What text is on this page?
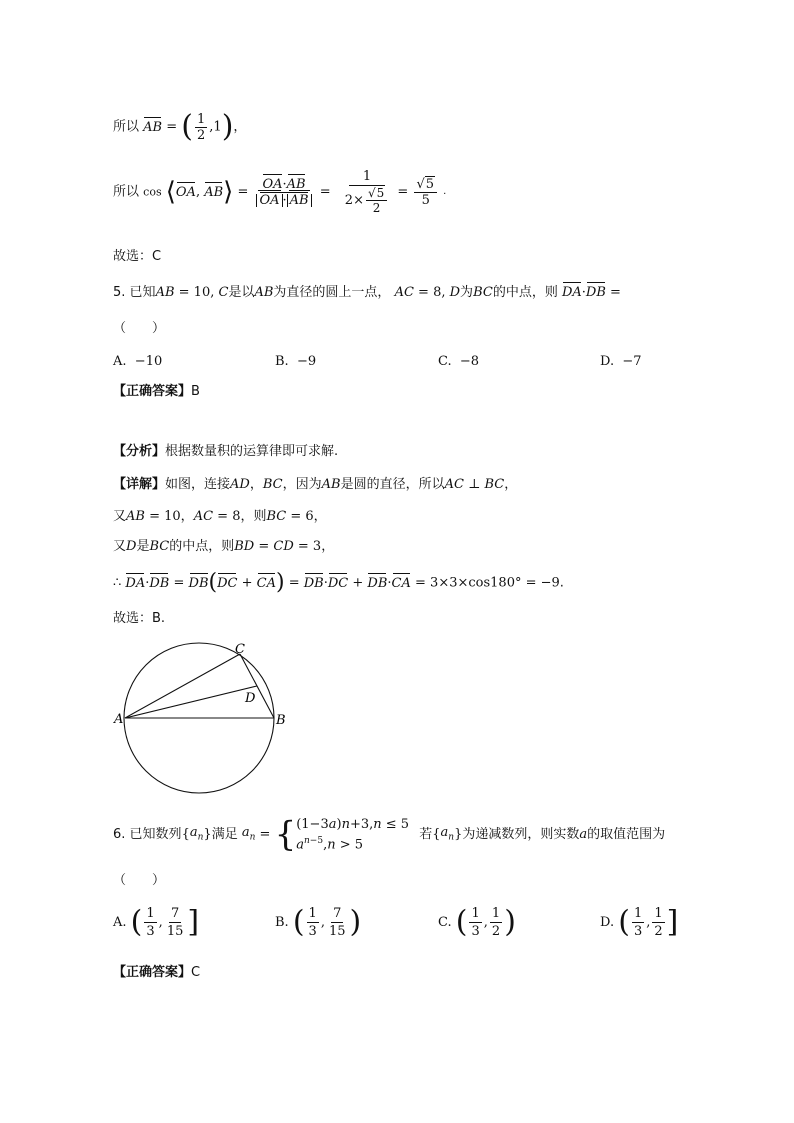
所以 AB = ( $\frac{1}{2} ,1$)，
所以 cos ⟨OA, AB⟩ = $\frac{OA\cdot AB}{OA \cdot AB} = \frac{1}{2\times \frac{√5}{2}} = \frac{√5}{5}$ .
故选：C
5. 已知AB = 10, C是以AB为直径的圆上一点， AC = 8, D为BC的中点，则 DA·DB =
（　　）
A. −10	B. −9	C. −8	D. −7
【正确答案】B
【分析】根据数量积的运算律即可求解.
【详解】如图，连接AD，BC，因为AB是圆的直径，所以AC ⊥ BC，
又AB = 10，AC = 8，则BC = 6，
又D是BC的中点，则BD = CD = 3，
∴ DA·DB = DB(DC + CA) = DB·DC + DB·CA = 3×3×cos180° = −9.
故选：B.
A	B
C
D
6. 已知数列$\{a_n\}$满足 $a_n$ = { (1−3a)n+3,n ≤ 5
$a^{n-5},n > 5$
若$\{a_n\}$为递减数列，则实数a的取值范围为
（　　）
A. ( $\frac{1}{3}$ , $\frac{7}{15}$ ]	B. ( $\frac{1}{3}$ , $\frac{7}{15}$ )	C. ( $\frac{1}{3}$ , $\frac{1}{2}$ )	D. ( $\frac{1}{3}$ , $\frac{1}{2}$ ]
【正确答案】C
